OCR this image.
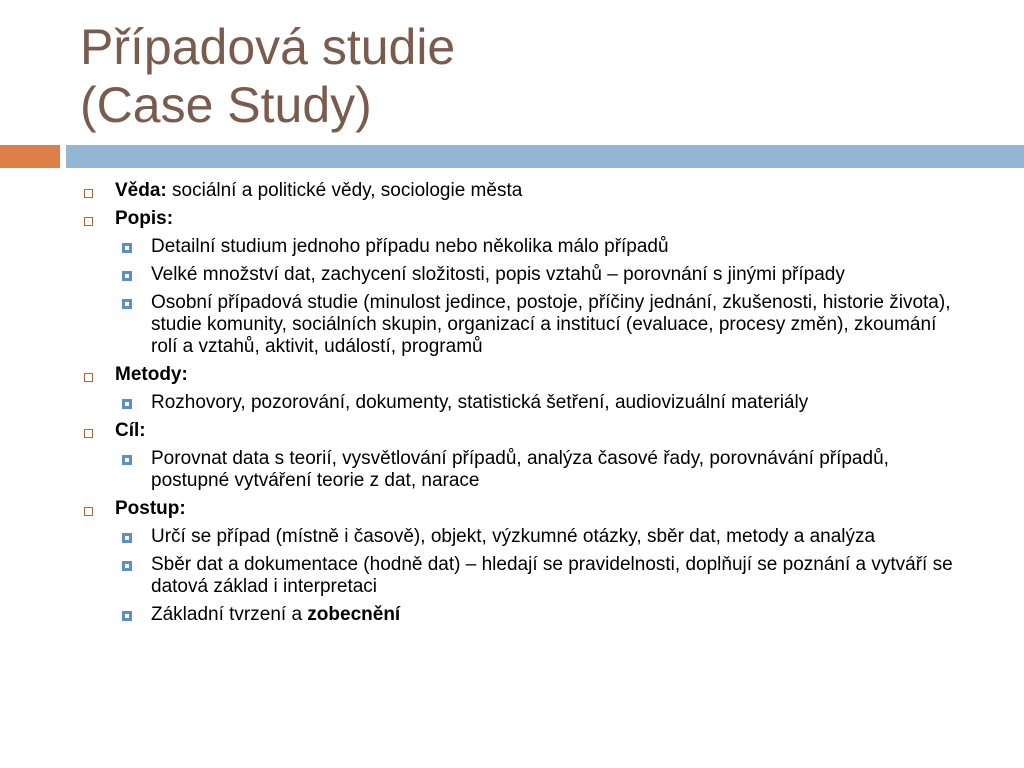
Případová studie
(Case Study)
Věda: sociální a politické vědy, sociologie města
Popis:
Detailní studium jednoho případu nebo několika málo případů
Velké množství dat, zachycení složitosti, popis vztahů – porovnání s jinými případy
Osobní případová studie (minulost jedince, postoje, příčiny jednání, zkušenosti, historie života), studie komunity, sociálních skupin, organizací a institucí (evaluace, procesy změn), zkoumání rolí a vztahů, aktivit, událostí, programů
Metody:
Rozhovory, pozorování, dokumenty, statistická šetření, audiovizuální materiály
Cíl:
Porovnat data s teorií, vysvětlování případů, analýza časové řady, porovnávání případů, postupné vytváření teorie z dat, narace
Postup:
Určí se případ (místně i časově), objekt, výzkumné otázky, sběr dat, metody a analýza
Sběr dat a dokumentace (hodně dat) – hledají se pravidelnosti, doplňují se poznání a vytváří se datová základ i interpretaci
Základní tvrzení a zobecnění
